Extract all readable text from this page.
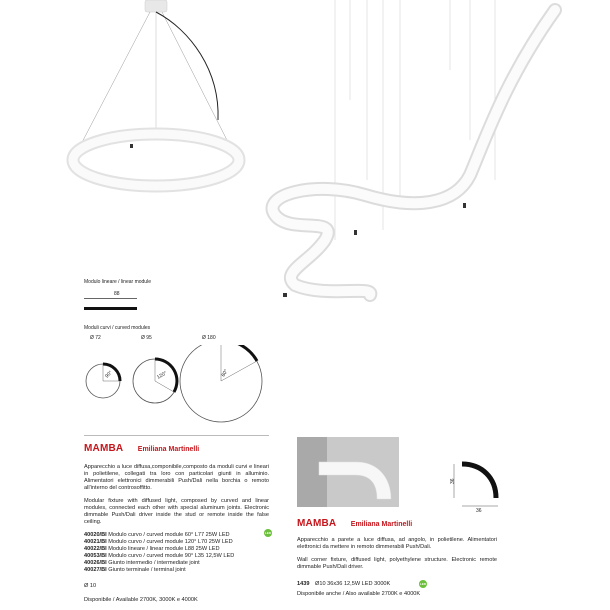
Modulo lineare / linear module
88
Moduli curvi / curved modules
Ø 72	Ø 95	Ø 180
90°	120°	60°
MAMBA Emiliana Martinelli
Apparecchio a luce diffusa,componibile,composto da moduli curvi e lineari in polietilene, collegati tra loro con particolari giunti in alluminio. Alimentatori elettronici dimmerabili Push/Dali nella borchia o remoto all'interno del controsoffitto.
Modular fixture with diffused light, composed by curved and linear modules, connected each other with special aluminum joints. Electronic dimmable Push/Dali driver inside the stud or remote inside the false ceiling.
40020/BI Modulo curvo / curved module 60° L77 25W LED
40021/BI Modulo curvo / curved module 120° L70 25W LED
40022/BI Modulo lineare / linear module L88 25W LED
40053/BI Modulo curvo / curved module 90° L35 12,5W LED
40026/BI Giunto intermedio / intermediate joint
40027/BI Giunto terminale / terminal joint
LED
Ø 10
Disponibile / Available 2700K, 3000K e 4000K
36
36
MAMBA Emiliana Martinelli
Apparecchio a parete a luce diffusa, ad angolo, in polietilene. Alimentatori elettronici da mettere in remoto dimmerabili Push/Dali.
Wall corner fixture, diffused light, polyethylene structure. Electronic remote dimmable Push/Dali driver.
1439 Ø10 36x36 12,5W LED 3000K	LED
Disponibile anche / Also available 2700K e 4000K
